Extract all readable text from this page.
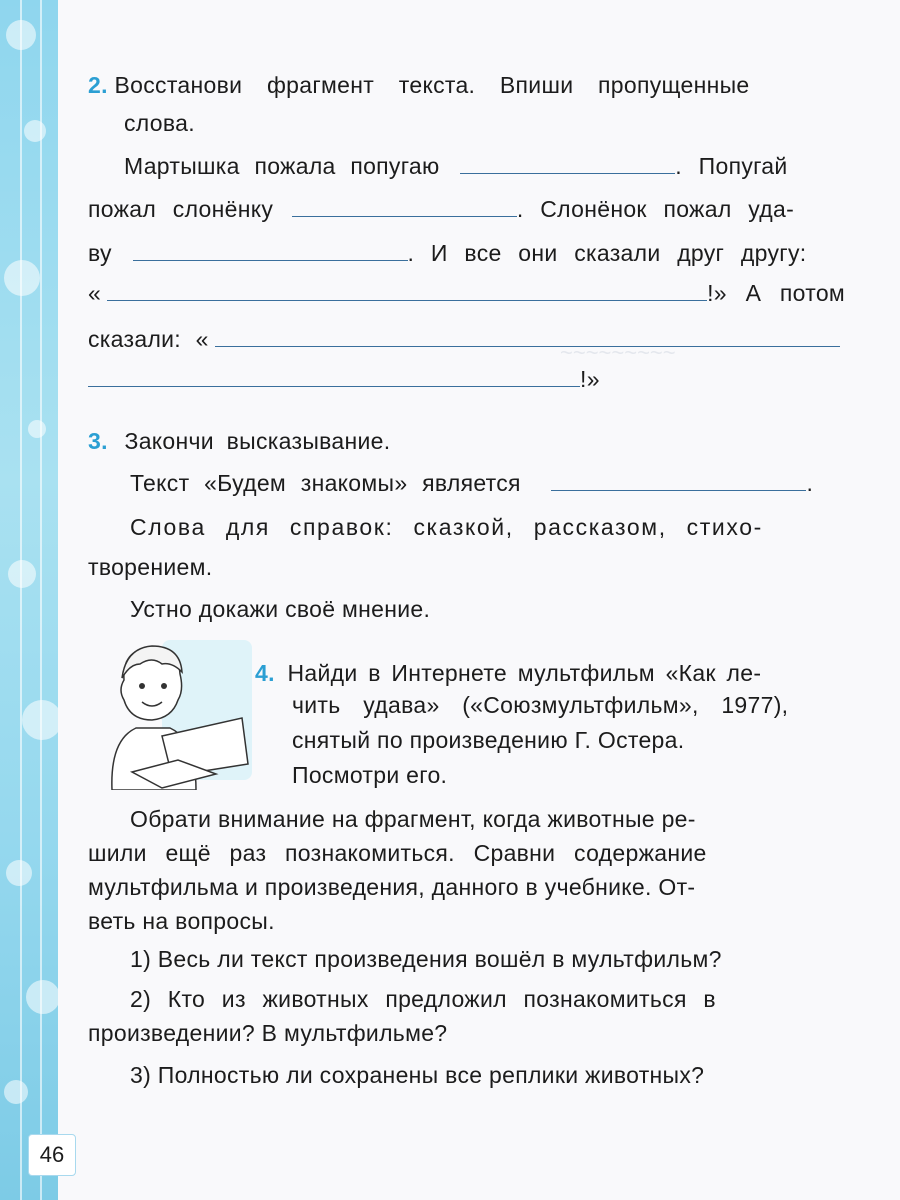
~~~~~~~~~
2. Восстанови фрагмент текста. Впиши пропущенные
слова.
Мартышка пожала попугаю	. Попугай
пожал слонёнку	. Слонёнок пожал уда-
ву	. И все они сказали друг другу:
«	!» А потом
сказали: «
!»
3. Закончи высказывание.
Текст «Будем знакомы» является	.
Слова для справок: сказкой, рассказом, стихо-
творением.
Устно докажи своё мнение.
4. Найди в Интернете мультфильм «Как ле-
чить удава» («Союзмультфильм», 1977),
снятый по произведению Г. Остера.
Посмотри его.
Обрати внимание на фрагмент, когда животные ре-
шили ещё раз познакомиться. Сравни содержание
мультфильма и произведения, данного в учебнике. От-
веть на вопросы.
1) Весь ли текст произведения вошёл в мультфильм?
2) Кто из животных предложил познакомиться в
произведении? В мультфильме?
3) Полностью ли сохранены все реплики животных?
46
